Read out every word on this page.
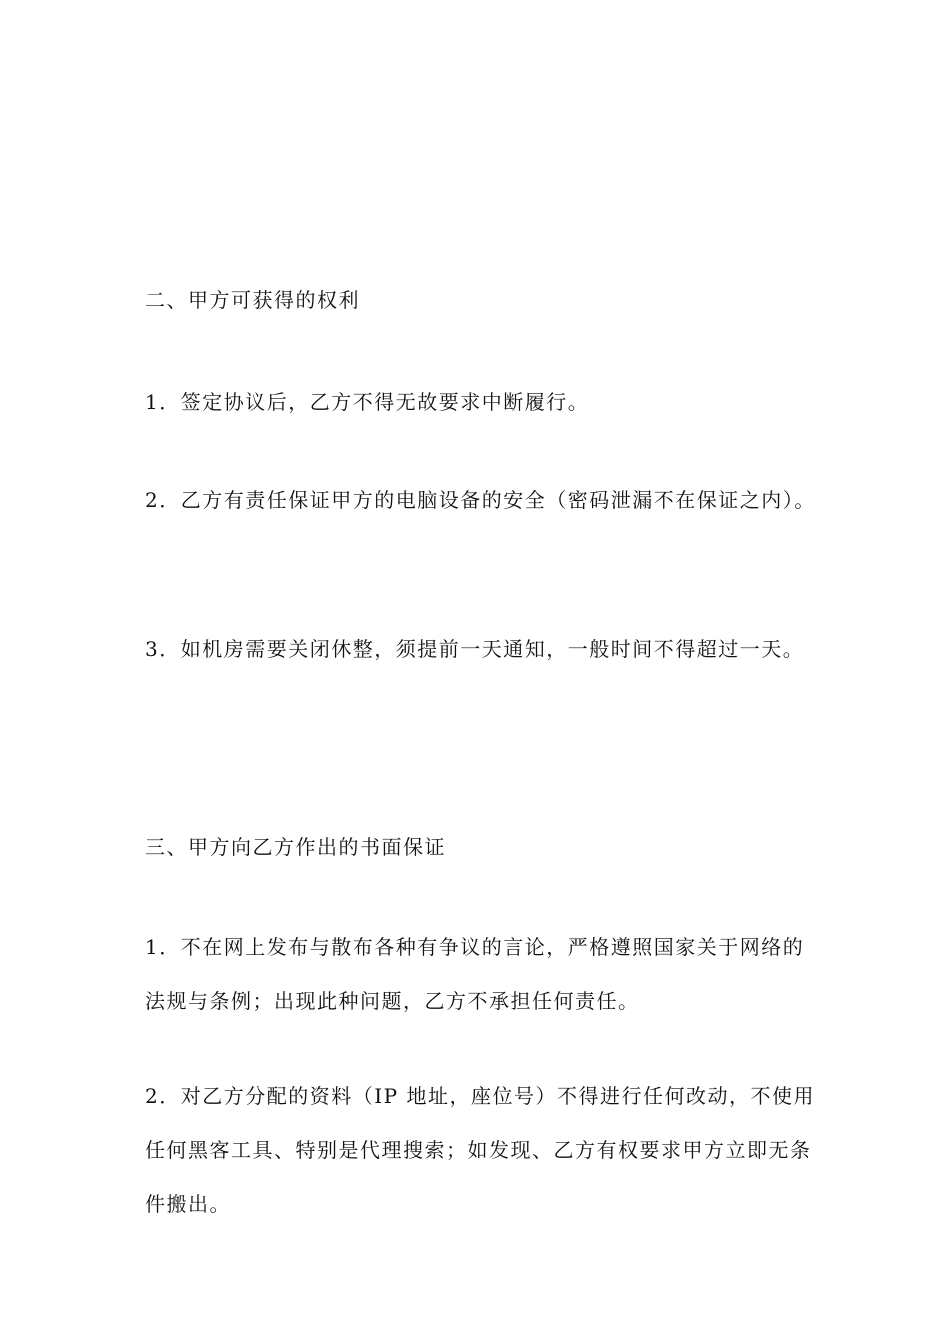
二、甲方可获得的权利
1．签定协议后，乙方不得无故要求中断履行。
2．乙方有责任保证甲方的电脑设备的安全（密码泄漏不在保证之内）。
3．如机房需要关闭休整，须提前一天通知，一般时间不得超过一天。
三、甲方向乙方作出的书面保证
1．不在网上发布与散布各种有争议的言论，严格遵照国家关于网络的法规与条例；出现此种问题，乙方不承担任何责任。
2．对乙方分配的资料（IP 地址，座位号）不得进行任何改动，不使用任何黑客工具、特别是代理搜索；如发现、乙方有权要求甲方立即无条件搬出。
